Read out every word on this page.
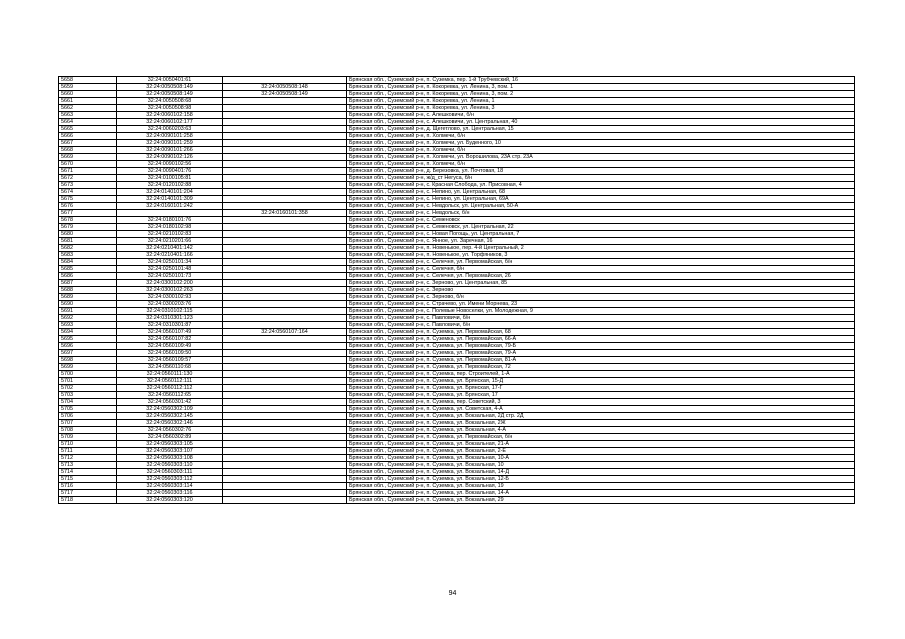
5658	32:24:0050401:61		Брянская обл., Суземский р-н, п. Суземка, пер. 1-й Трубчевский, 16
5659	32:24:0050508:149	32:24:0050508:148	Брянская обл., Суземский р-н, п. Кокоревка, ул. Ленина, 3, пом. 1
5660	32:24:0050508:149	32:24:0050508:149	Брянская обл., Суземский р-н, п. Кокоревка, ул. Ленина, 3, пом. 2
5661	32:24:0050508:68		Брянская обл., Суземский р-н, п. Кокоревка, ул. Ленина, 1
5662	32:24:0050508:98		Брянская обл., Суземский р-н, п. Кокоревка, ул. Ленина, 3
5663	32:24:0060102:158		Брянская обл., Суземский р-н, с. Алешковичи, б/н
5664	32:24:0060102:177		Брянская обл., Суземский р-н, с. Алешковичи, ул. Центральная, 40
5665	32:24:0060203:63		Брянская обл., Суземский р-н, д. Щегетлово, ул. Центральная, 15
5666	32:24:0090101:258		Брянская обл., Суземский р-н, п. Холмечи, б/н
5667	32:24:0090101:259		Брянская обл., Суземский р-н, п. Холмечи, ул. Буденного, 10
5668	32:24:0090101:266		Брянская обл., Суземский р-н, п. Холмечи, б/н
5669	32:24:0090102:126		Брянская обл., Суземский р-н, п. Холмечи, ул. Ворошилова, 23А стр. 23А
5670	32:24:0090102:56		Брянская обл., Суземский р-н, п. Холмечи, б/н
5671	32:24:0090401:76		Брянская обл., Суземский р-н, д. Березовка, ул. Почтовая, 18
5672	32:24:0100105:81		Брянская обл., Суземский р-н, ж/д_ст Негуса, б/н
5673	32:24:0120102:88		Брянская обл., Суземский р-н, с. Красная Слобода, ул. Присовная, 4
5674	32:24:0140101:204		Брянская обл., Суземский р-н, с. Непино, ул. Центральная, 68
5675	32:24:0140101:309		Брянская обл., Суземский р-н, с. Непино, ул. Центральная, 69А
5676	32:24:0160101:242		Брянская обл., Суземский р-н, с. Невдольск, ул. Центральная, 50-А
5677		32:24:0160101:358	Брянская обл., Суземский р-н, с. Невдольск, б/н
5678	32:24:0180101:76		Брянская обл., Суземский р-н, с. Семеновск
5679	32:24:0180102:98		Брянская обл., Суземский р-н, с. Семеновск, ул. Центральная, 22
5680	32:24:0210102:83		Брянская обл., Суземский р-н, с. Новая Погощь, ул. Центральная, 7
5681	32:24:0210201:66		Брянская обл., Суземский р-н, с. Янное, ул. Заречная, 16
5682	32:24:0210401:142		Брянская обл., Суземский р-н, п. Новенькое, пер. 4-й Центральный, 2
5683	32:24:0210401:166		Брянская обл., Суземский р-н, п. Новенькое, ул. Торфяников, 3
5684	32:24:0250101:34		Брянская обл., Суземский р-н, с. Селечня, ул. Первомайская, б/н
5685	32:24:0250101:48		Брянская обл., Суземский р-н, с. Селечня, б/н
5686	32:24:0250101:73		Брянская обл., Суземский р-н, с. Селечня, ул. Первомайская, 26
5687	32:24:0300102:200		Брянская обл., Суземский р-н, с. Зерново, ул. Центральная, 85
5688	32:24:0300102:263		Брянская обл., Суземский р-н, с. Зерново
5689	32:24:0300102:93		Брянская обл., Суземский р-н, с. Зерново, б/н
5690	32:24:0300203:76		Брянская обл., Суземский р-н, с. Страчево, ул. Имени Морнева, 23
5691	32:24:0310102:115		Брянская обл., Суземский р-н, с. Полевые Новоселки, ул. Молодежная, 9
5692	32:24:0310301:123		Брянская обл., Суземский р-н, с. Павловичи, б/н
5693	32:24:0310301:87		Брянская обл., Суземский р-н, с. Павловичи, б/н
5694	32:24:0560107:49	32:24:0560107:164	Брянская обл., Суземский р-н, п. Суземка, ул. Первомайская, 68
5695	32:24:0560107:82		Брянская обл., Суземский р-н, п. Суземка, ул. Первомайская, 66-А
5696	32:24:0560109:49		Брянская обл., Суземский р-н, п. Суземка, ул. Первомайская, 79-Б
5697	32:24:0560109:50		Брянская обл., Суземский р-н, п. Суземка, ул. Первомайская, 79-А
5698	32:24:0560109:57		Брянская обл., Суземский р-н, п. Суземка, ул. Первомайская, 81-А
5699	32:24:0560110:68		Брянская обл., Суземский р-н, п. Суземка, ул. Первомайская, 72
5700	32:24:0560111:130		Брянская обл., Суземский р-н, п. Суземка, пер. Строителей, 1-А
5701	32:24:0560112:111		Брянская обл., Суземский р-н, п. Суземка, ул. Брянская, 15-Д
5702	32:24:0560112:112		Брянская обл., Суземский р-н, п. Суземка, ул. Брянская, 17-Г
5703	32:24:0560112:65		Брянская обл., Суземский р-н, п. Суземка, ул. Брянская, 17
5704	32:24:0560301:42		Брянская обл., Суземский р-н, п. Суземка, пер. Советский, 3
5705	32:24:0560302:109		Брянская обл., Суземский р-н, п. Суземка, ул. Советская, 4-А
5706	32:24:0560302:145		Брянская обл., Суземский р-н, п. Суземка, ул. Вокзальная, 2Д стр. 2Д
5707	32:24:0560302:146		Брянская обл., Суземский р-н, п. Суземка, ул. Вокзальная, 2Ж
5708	32:24:0560302:76		Брянская обл., Суземский р-н, п. Суземка, ул. Вокзальная, 4-А
5709	32:24:0560302:89		Брянская обл., Суземский р-н, п. Суземка, ул. Первомайская, б/н
5710	32:24:0560303:105		Брянская обл., Суземский р-н, п. Суземка, ул. Вокзальная, 21-А
5711	32:24:0560303:107		Брянская обл., Суземский р-н, п. Суземка, ул. Вокзальная, 2-Е
5712	32:24:0560303:108		Брянская обл., Суземский р-н, п. Суземка, ул. Вокзальная, 10-А
5713	32:24:0560303:110		Брянская обл., Суземский р-н, п. Суземка, ул. Вокзальная, 10
5714	32:24:0560303:111		Брянская обл., Суземский р-н, п. Суземка, ул. Вокзальная, 14-Д
5715	32:24:0560303:112		Брянская обл., Суземский р-н, п. Суземка, ул. Вокзальная, 12-Б
5716	32:24:0560303:114		Брянская обл., Суземский р-н, п. Суземка, ул. Вокзальная, 19
5717	32:24:0560303:116		Брянская обл., Суземский р-н, п. Суземка, ул. Вокзальная, 14-А
5718	32:24:0560303:120		Брянская обл., Суземский р-н, п. Суземка, ул. Вокзальная, 29
94
